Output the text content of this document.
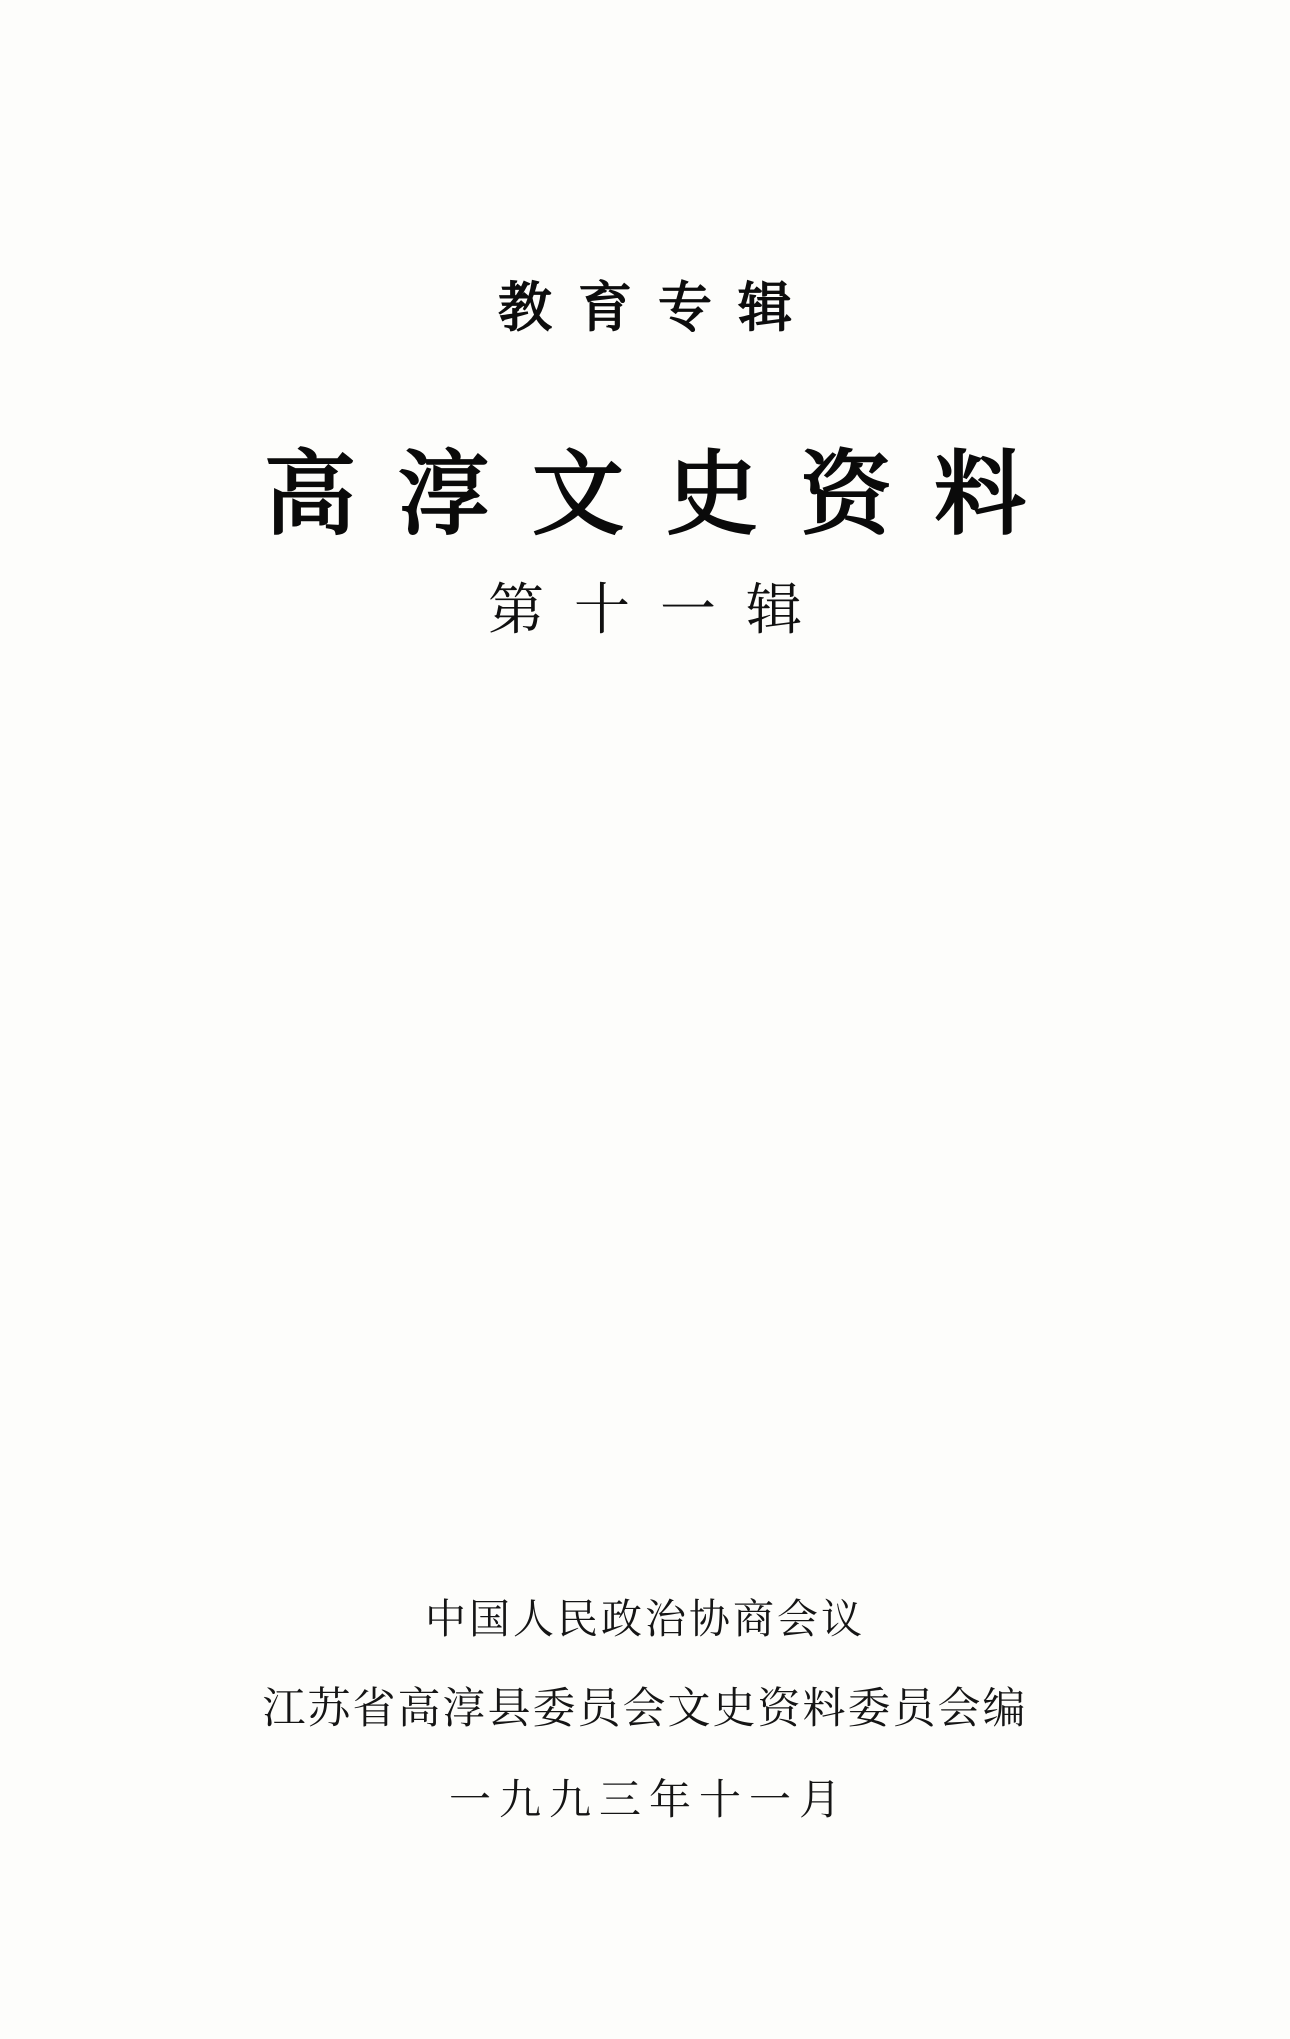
教育专辑
高淳文史资料
第十一辑
中国人民政治协商会议
江苏省高淳县委员会文史资料委员会编
一九九三年十一月
